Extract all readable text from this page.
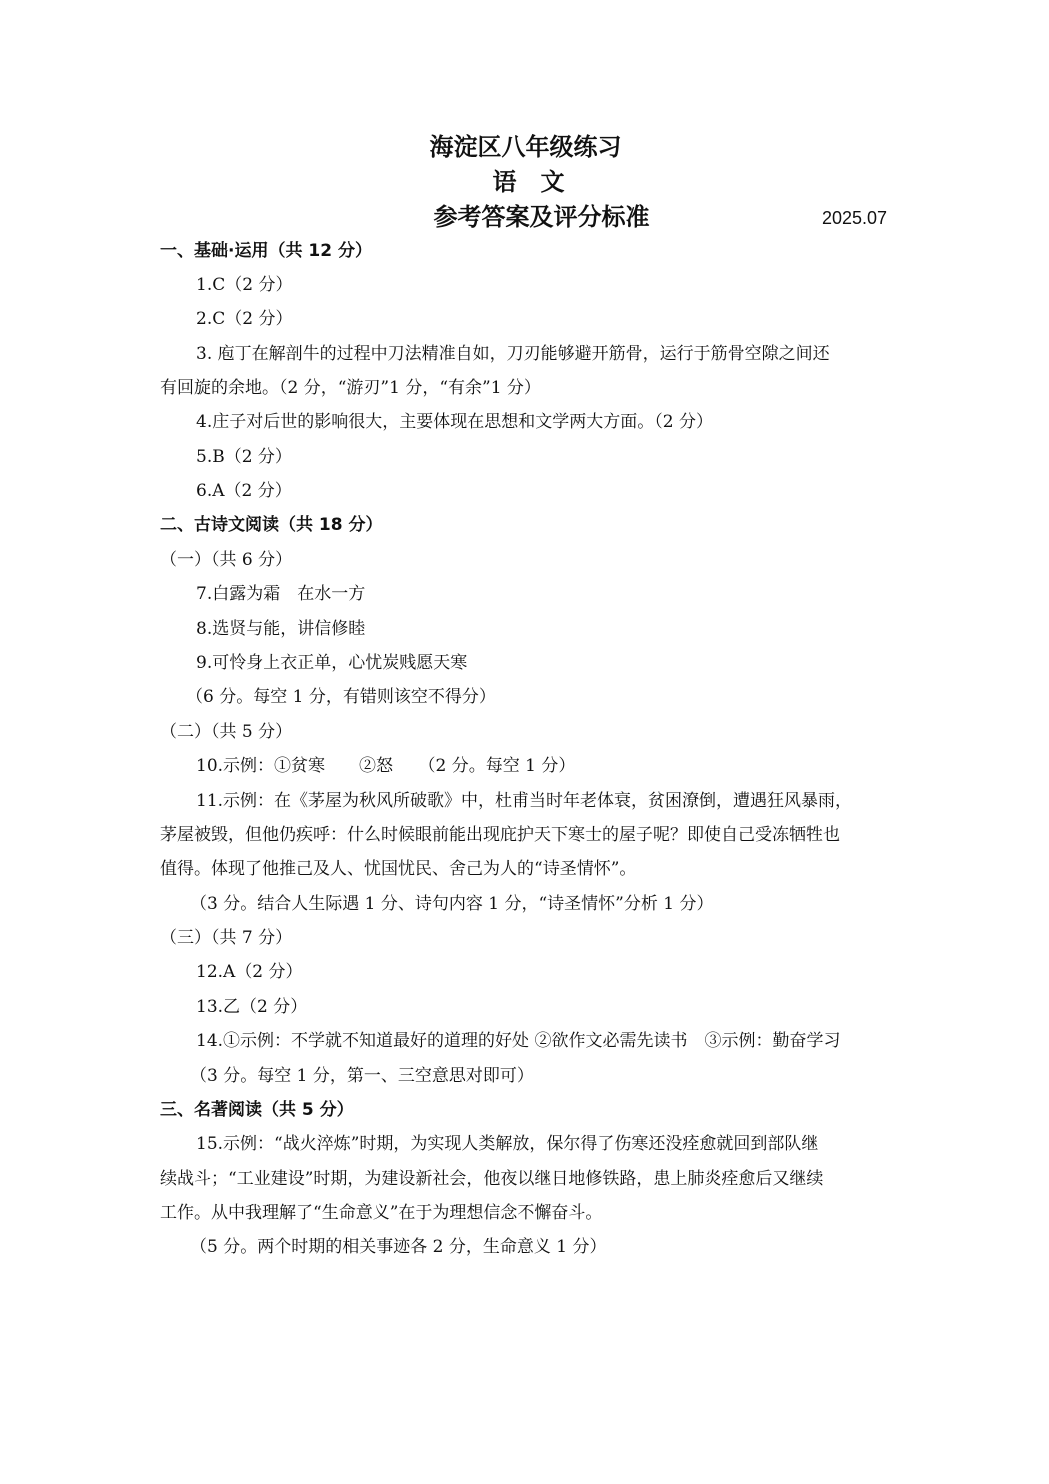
海淀区八年级练习
语　文
参考答案及评分标准	2025.07
一、基础·运用（共 12 分）
1.C（2 分）
2.C（2 分）
3. 庖丁在解剖牛的过程中刀法精准自如，刀刃能够避开筋骨，运行于筋骨空隙之间还
有回旋的余地。（2 分，“游刃”1 分，“有余”1 分）
4.庄子对后世的影响很大，主要体现在思想和文学两大方面。（2 分）
5.B（2 分）
6.A（2 分）
二、古诗文阅读（共 18 分）
（一）（共 6 分）
7.白露为霜　在水一方
8.选贤与能，讲信修睦
9.可怜身上衣正单，心忧炭贱愿天寒
（6 分。每空 1 分，有错则该空不得分）
（二）（共 5 分）
10.示例：①贫寒　　②怒　　（2 分。每空 1 分）
11.示例：在《茅屋为秋风所破歌》中，杜甫当时年老体衰，贫困潦倒，遭遇狂风暴雨，
茅屋被毁，但他仍疾呼：什么时候眼前能出现庇护天下寒士的屋子呢？即使自己受冻牺牲也
值得。体现了他推己及人、忧国忧民、舍己为人的“诗圣情怀”。
（3 分。结合人生际遇 1 分、诗句内容 1 分，“诗圣情怀”分析 1 分）
（三）（共 7 分）
12.A（2 分）
13.乙（2 分）
14.①示例：不学就不知道最好的道理的好处 ②欲作文必需先读书　③示例：勤奋学习
（3 分。每空 1 分，第一、三空意思对即可）
三、名著阅读（共 5 分）
15.示例：“战火淬炼”时期，为实现人类解放，保尔得了伤寒还没痊愈就回到部队继
续战斗；“工业建设”时期，为建设新社会，他夜以继日地修铁路，患上肺炎痊愈后又继续
工作。从中我理解了“生命意义”在于为理想信念不懈奋斗。
（5 分。两个时期的相关事迹各 2 分，生命意义 1 分）
